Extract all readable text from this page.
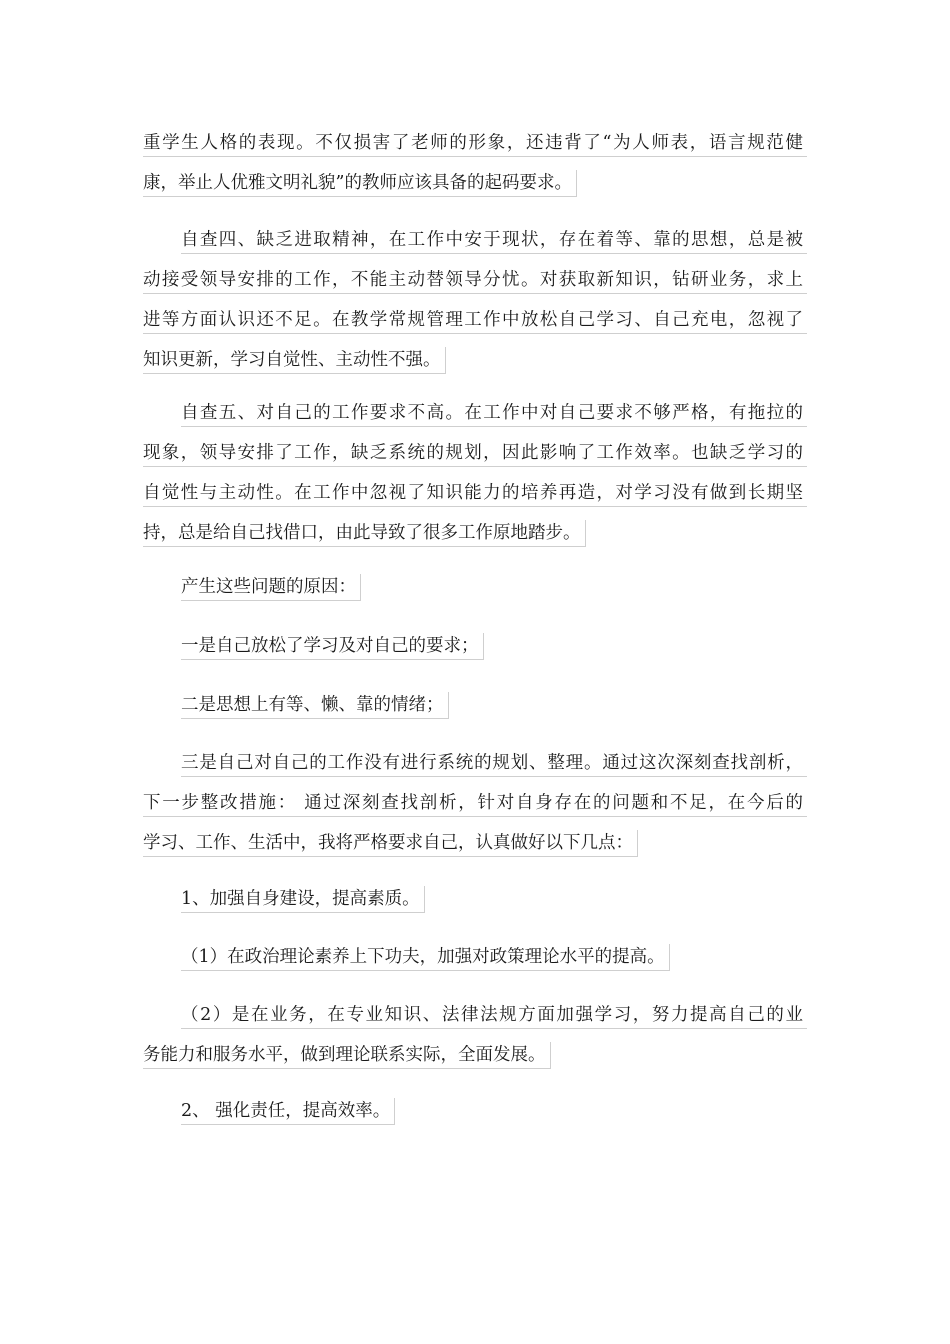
重学生人格的表现。不仅损害了老师的形象，还违背了“为人师表，语言规范健
康，举止人优雅文明礼貌”的教师应该具备的起码要求。
自查四、缺乏进取精神，在工作中安于现状，存在着等、靠的思想，总是被
动接受领导安排的工作，不能主动替领导分忧。对获取新知识，钻研业务，求上
进等方面认识还不足。在教学常规管理工作中放松自己学习、自己充电，忽视了
知识更新，学习自觉性、主动性不强。
自查五、对自己的工作要求不高。在工作中对自己要求不够严格，有拖拉的
现象，领导安排了工作，缺乏系统的规划，因此影响了工作效率。也缺乏学习的
自觉性与主动性。在工作中忽视了知识能力的培养再造，对学习没有做到长期坚
持，总是给自己找借口，由此导致了很多工作原地踏步。
产生这些问题的原因：
一是自己放松了学习及对自己的要求；
二是思想上有等、懒、靠的情绪；
三是自己对自己的工作没有进行系统的规划、整理。通过这次深刻查找剖析，
下一步整改措施： 通过深刻查找剖析，针对自身存在的问题和不足，在今后的
学习、工作、生活中，我将严格要求自己，认真做好以下几点：
1、加强自身建设，提高素质。
（1）在政治理论素养上下功夫，加强对政策理论水平的提高。
（2）是在业务，在专业知识、法律法规方面加强学习，努力提高自己的业
务能力和服务水平，做到理论联系实际，全面发展。
2、 强化责任，提高效率。
